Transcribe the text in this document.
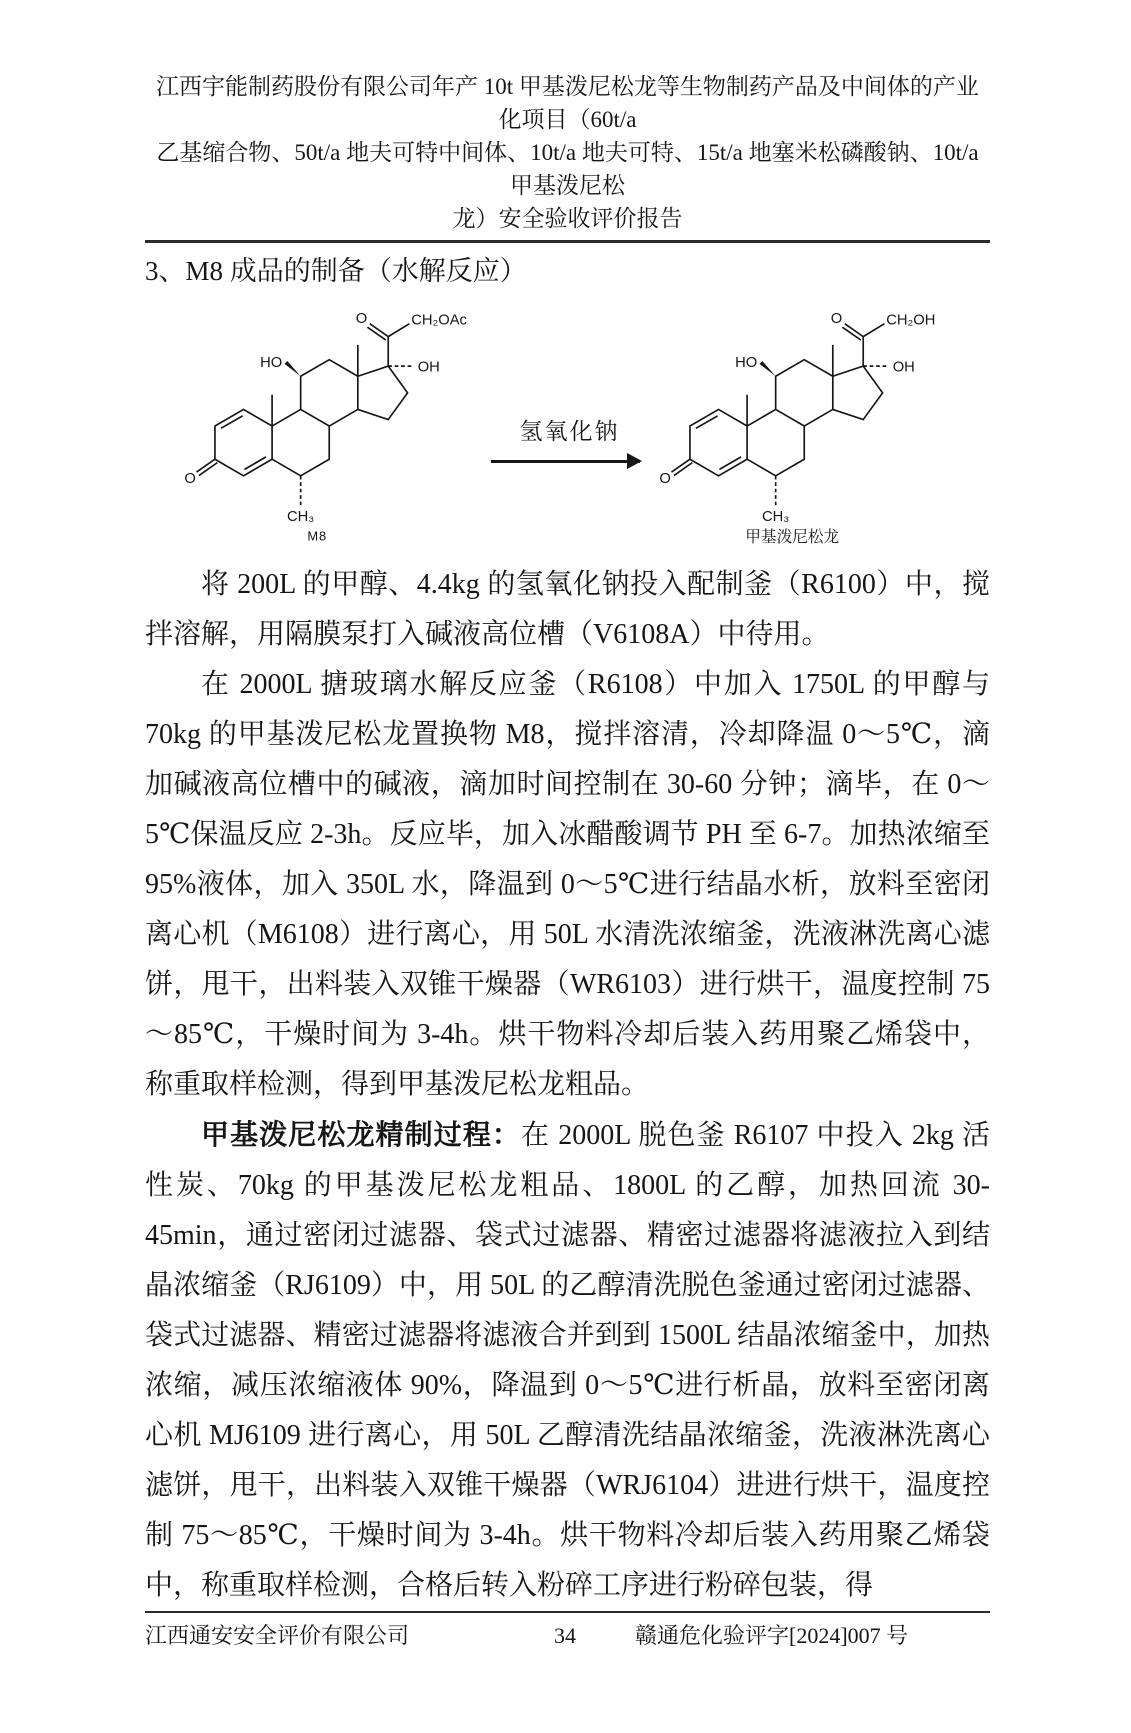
江西宇能制药股份有限公司年产 10t 甲基泼尼松龙等生物制药产品及中间体的产业化项目（60t/a
乙基缩合物、50t/a 地夫可特中间体、10t/a 地夫可特、15t/a 地塞米松磷酸钠、10t/a 甲基泼尼松
龙）安全验收评价报告
3、M8 成品的制备（水解反应）
O
HO
O	CH₂OAc
OH
CH₃
M8
氢氧化钠
O
HO
O	CH₂OH
OH
CH₃
甲基泼尼松龙

将 200L 的甲醇、4.4kg 的氢氧化钠投入配制釜（R6100）中，搅拌溶解，用隔膜泵打入碱液高位槽（V6108A）中待用。

在 2000L 搪玻璃水解反应釜（R6108）中加入 1750L 的甲醇与 70kg 的甲基泼尼松龙置换物 M8，搅拌溶清，冷却降温 0～5℃，滴加碱液高位槽中的碱液，滴加时间控制在 30-60 分钟；滴毕，在 0～5℃保温反应 2-3h。反应毕，加入冰醋酸调节 PH 至 6-7。加热浓缩至 95%液体，加入 350L 水，降温到 0～5℃进行结晶水析，放料至密闭离心机（M6108）进行离心，用 50L 水清洗浓缩釜，洗液淋洗离心滤饼，甩干，出料装入双锥干燥器（WR6103）进行烘干，温度控制 75～85℃，干燥时间为 3-4h。烘干物料冷却后装入药用聚乙烯袋中，称重取样检测，得到甲基泼尼松龙粗品。

甲基泼尼松龙精制过程：在 2000L 脱色釜 R6107 中投入 2kg 活性炭、70kg 的甲基泼尼松龙粗品、1800L 的乙醇，加热回流 30-45min，通过密闭过滤器、袋式过滤器、精密过滤器将滤液拉入到结晶浓缩釜（RJ6109）中，用 50L 的乙醇清洗脱色釜通过密闭过滤器、袋式过滤器、精密过滤器将滤液合并到到 1500L 结晶浓缩釜中，加热浓缩，减压浓缩液体 90%，降温到 0～5℃进行析晶，放料至密闭离心机 MJ6109 进行离心，用 50L 乙醇清洗结晶浓缩釜，洗液淋洗离心滤饼，甩干，出料装入双锥干燥器（WRJ6104）进进行烘干，温度控制 75～85℃，干燥时间为 3-4h。烘干物料冷却后装入药用聚乙烯袋中，称重取样检测，合格后转入粉碎工序进行粉碎包装，得

江西通安安全评价有限公司	34	赣通危化验评字[2024]007 号
